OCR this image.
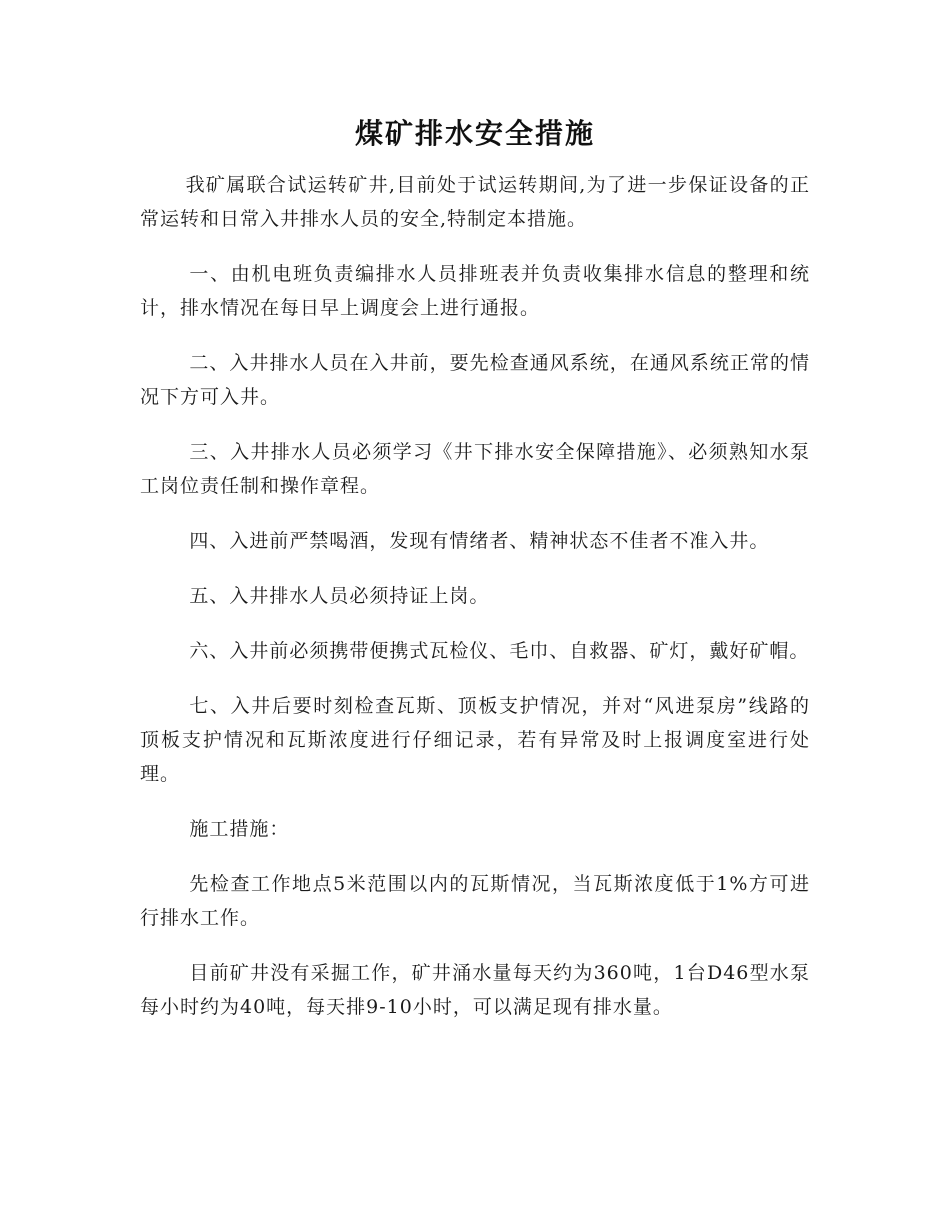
煤矿排水安全措施

我矿属联合试运转矿井,目前处于试运转期间,为了进一步保证设备的正常运转和日常入井排水人员的安全,特制定本措施。

一、由机电班负责编排水人员排班表并负责收集排水信息的整理和统计，排水情况在每日早上调度会上进行通报。

二、入井排水人员在入井前，要先检查通风系统，在通风系统正常的情况下方可入井。

三、入井排水人员必须学习《井下排水安全保障措施》、必须熟知水泵工岗位责任制和操作章程。

四、入进前严禁喝酒，发现有情绪者、精神状态不佳者不准入井。

五、入井排水人员必须持证上岗。

六、入井前必须携带便携式瓦检仪、毛巾、自救器、矿灯，戴好矿帽。

七、入井后要时刻检查瓦斯、顶板支护情况，并对“风进泵房”线路的顶板支护情况和瓦斯浓度进行仔细记录，若有异常及时上报调度室进行处理。

施工措施：

先检查工作地点5米范围以内的瓦斯情况，当瓦斯浓度低于1%方可进行排水工作。

目前矿井没有采掘工作，矿井涌水量每天约为360吨，1台D46型水泵每小时约为40吨，每天排9-10小时，可以满足现有排水量。
